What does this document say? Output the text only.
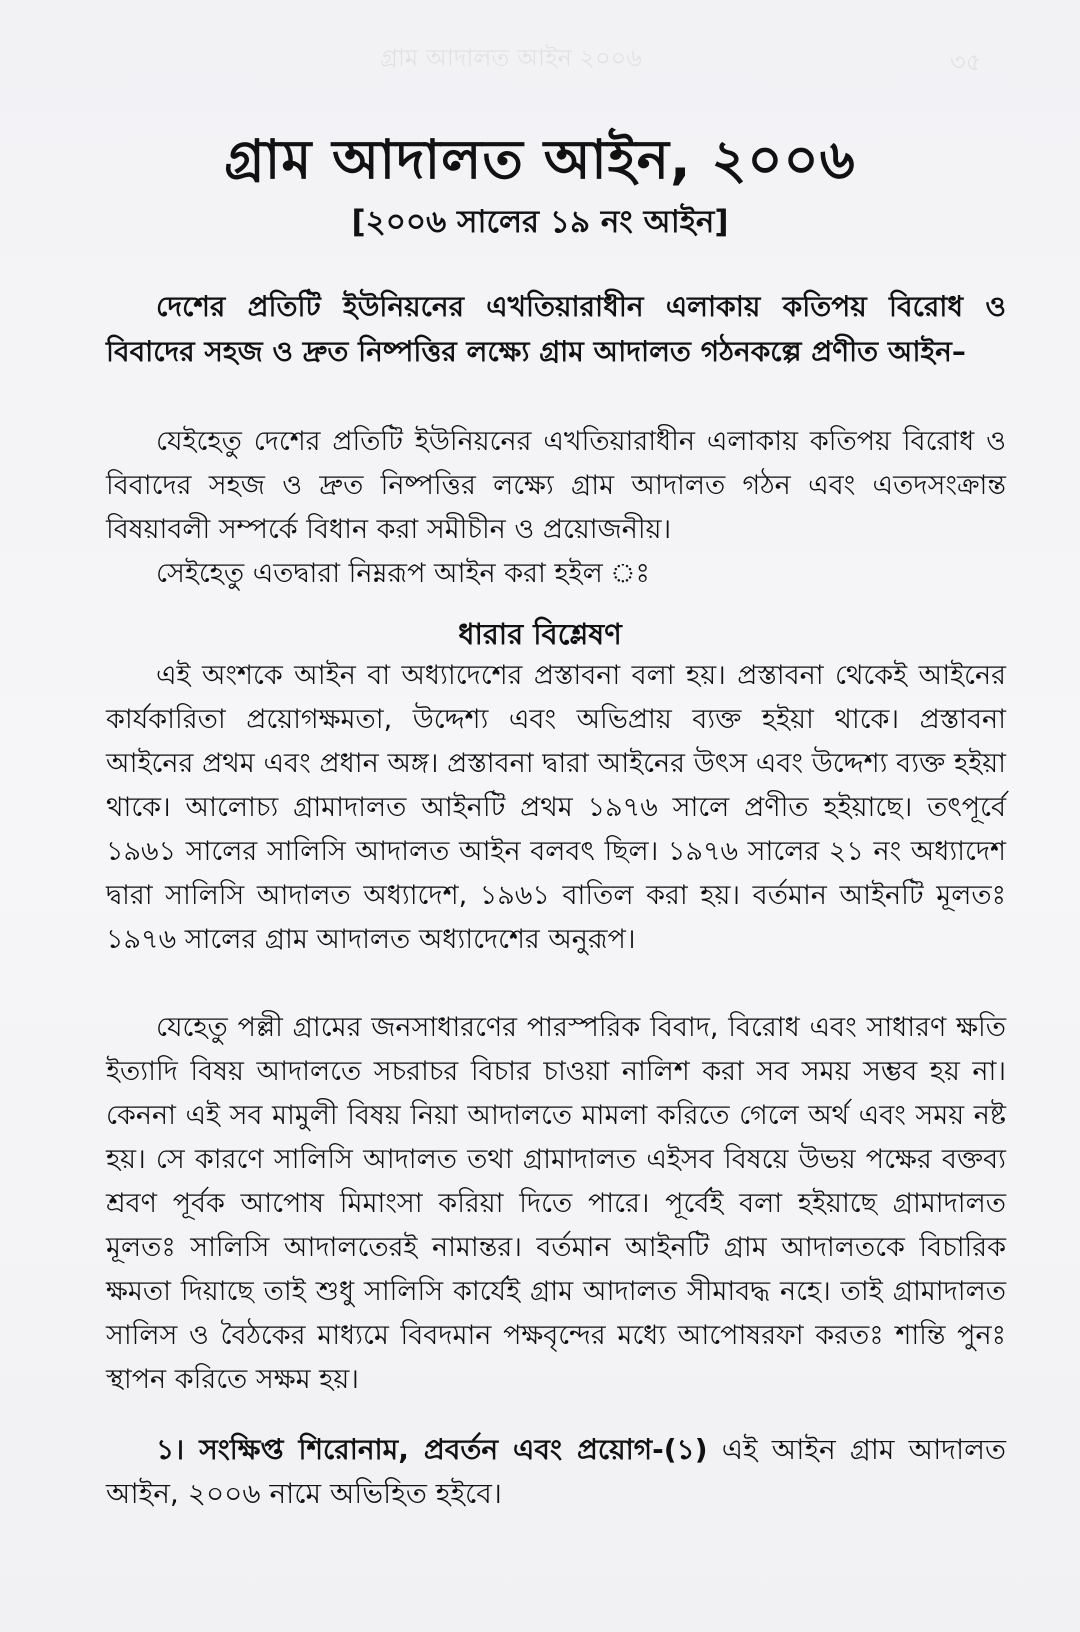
গ্রাম আদালত আইন ২০০৬	৩৫
গ্রাম আদালত আইন, ২০০৬
[২০০৬ সালের ১৯ নং আইন]
দেশের প্রতিটি ইউনিয়নের এখতিয়ারাধীন এলাকায় কতিপয় বিরোধ ও বিবাদের সহজ ও দ্রুত নিষ্পত্তির লক্ষ্যে গ্রাম আদালত গঠনকল্পে প্রণীত আইন–
যেইহেতু দেশের প্রতিটি ইউনিয়নের এখতিয়ারাধীন এলাকায় কতিপয় বিরোধ ও বিবাদের সহজ ও দ্রুত নিষ্পত্তির লক্ষ্যে গ্রাম আদালত গঠন এবং এতদসংক্রান্ত বিষয়াবলী সম্পর্কে বিধান করা সমীচীন ও প্রয়োজনীয়।
সেইহেতু এতদ্বারা নিম্নরূপ আইন করা হইল ঃ
ধারার বিশ্লেষণ
এই অংশকে আইন বা অধ্যাদেশের প্রস্তাবনা বলা হয়। প্রস্তাবনা থেকেই আইনের কার্যকারিতা প্রয়োগক্ষমতা, উদ্দেশ্য এবং অভিপ্রায় ব্যক্ত হইয়া থাকে। প্রস্তাবনা আইনের প্রথম এবং প্রধান অঙ্গ। প্রস্তাবনা দ্বারা আইনের উৎস এবং উদ্দেশ্য ব্যক্ত হইয়া থাকে। আলোচ্য গ্রামাদালত আইনটি প্রথম ১৯৭৬ সালে প্রণীত হইয়াছে। তৎপূর্বে ১৯৬১ সালের সালিসি আদালত আইন বলবৎ ছিল। ১৯৭৬ সালের ২১ নং অধ্যাদেশ দ্বারা সালিসি আদালত অধ্যাদেশ, ১৯৬১ বাতিল করা হয়। বর্তমান আইনটি মূলতঃ ১৯৭৬ সালের গ্রাম আদালত অধ্যাদেশের অনুরূপ।
যেহেতু পল্লী গ্রামের জনসাধারণের পারস্পরিক বিবাদ, বিরোধ এবং সাধারণ ক্ষতি ইত্যাদি বিষয় আদালতে সচরাচর বিচার চাওয়া নালিশ করা সব সময় সম্ভব হয় না। কেননা এই সব মামুলী বিষয় নিয়া আদালতে মামলা করিতে গেলে অর্থ এবং সময় নষ্ট হয়। সে কারণে সালিসি আদালত তথা গ্রামাদালত এইসব বিষয়ে উভয় পক্ষের বক্তব্য শ্রবণ পূর্বক আপোষ মিমাংসা করিয়া দিতে পারে। পূর্বেই বলা হইয়াছে গ্রামাদালত মূলতঃ সালিসি আদালতেরই নামান্তর। বর্তমান আইনটি গ্রাম আদালতকে বিচারিক ক্ষমতা দিয়াছে তাই শুধু সালিসি কার্যেই গ্রাম আদালত সীমাবদ্ধ নহে। তাই গ্রামাদালত সালিস ও বৈঠকের মাধ্যমে বিবদমান পক্ষবৃন্দের মধ্যে আপোষরফা করতঃ শান্তি পুনঃ স্থাপন করিতে সক্ষম হয়।
১। সংক্ষিপ্ত শিরোনাম, প্রবর্তন এবং প্রয়োগ-(১) এই আইন গ্রাম আদালত আইন, ২০০৬ নামে অভিহিত হইবে।
